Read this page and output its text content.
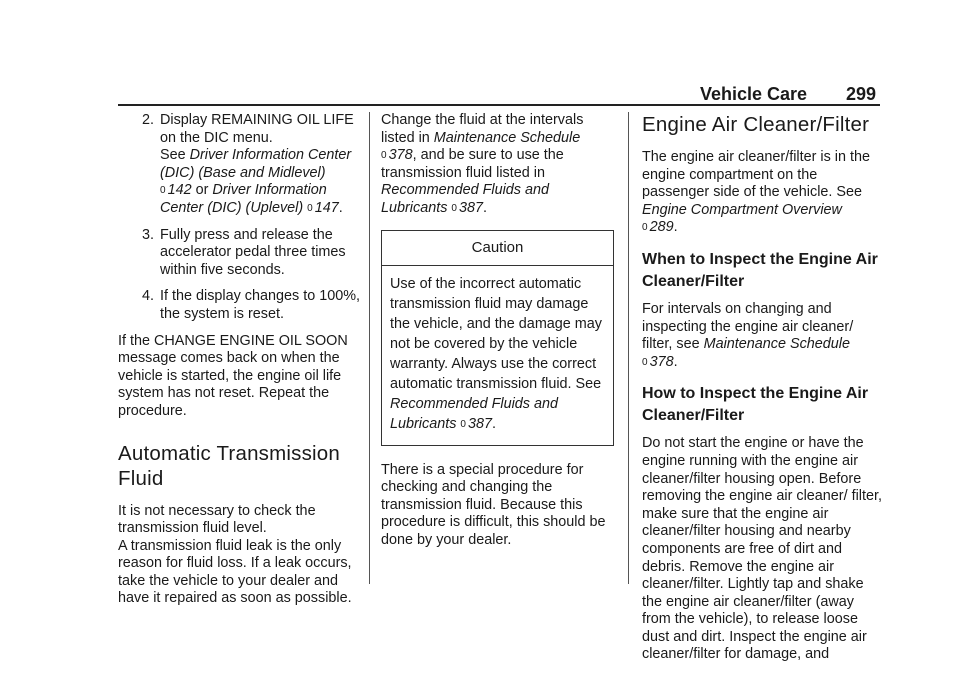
Vehicle Care 299
2. Display REMAINING OIL LIFE on the DIC menu.
See Driver Information Center (DIC) (Base and Midlevel)
0 142 or Driver Information Center (DIC) (Uplevel) 0 147.
3. Fully press and release the accelerator pedal three times within five seconds.
4. If the display changes to 100%, the system is reset.

If the CHANGE ENGINE OIL SOON message comes back on when the vehicle is started, the engine oil life system has not reset. Repeat the procedure.

Automatic Transmission Fluid

It is not necessary to check the transmission fluid level.

A transmission fluid leak is the only reason for fluid loss. If a leak occurs, take the vehicle to your dealer and have it repaired as soon as possible.

Change the fluid at the intervals listed in Maintenance Schedule
0 378, and be sure to use the transmission fluid listed in
Recommended Fluids and Lubricants 0 387.

Caution
Use of the incorrect automatic transmission fluid may damage the vehicle, and the damage may not be covered by the vehicle warranty. Always use the correct automatic transmission fluid. See Recommended Fluids and Lubricants 0 387.

There is a special procedure for checking and changing the transmission fluid. Because this procedure is difficult, this should be done by your dealer.

Engine Air Cleaner/Filter

The engine air cleaner/filter is in the engine compartment on the passenger side of the vehicle. See Engine Compartment Overview
0 289.

When to Inspect the Engine Air Cleaner/Filter

For intervals on changing and inspecting the engine air cleaner/ filter, see Maintenance Schedule
0 378.

How to Inspect the Engine Air Cleaner/Filter

Do not start the engine or have the engine running with the engine air cleaner/filter housing open. Before removing the engine air cleaner/ filter, make sure that the engine air cleaner/filter housing and nearby components are free of dirt and debris. Remove the engine air cleaner/filter. Lightly tap and shake the engine air cleaner/filter (away from the vehicle), to release loose dust and dirt. Inspect the engine air cleaner/filter for damage, and
